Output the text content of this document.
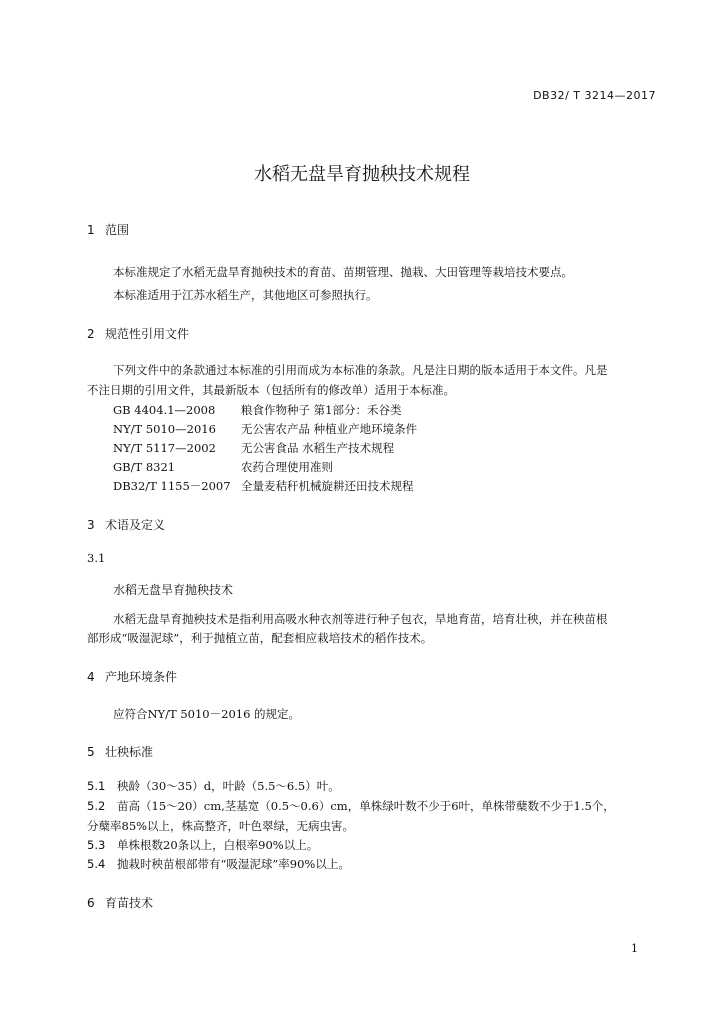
DB32/ T 3214—2017
水稻无盘旱育抛秧技术规程
1 范围
本标准规定了水稻无盘旱育抛秧技术的育苗、苗期管理、抛栽、大田管理等栽培技术要点。
本标准适用于江苏水稻生产，其他地区可参照执行。
2 规范性引用文件
下列文件中的条款通过本标准的引用而成为本标准的条款。凡是注日期的版本适用于本文件。凡是
不注日期的引用文件，其最新版本（包括所有的修改单）适用于本标准。
GB 4404.1—2008 粮食作物种子 第1部分：禾谷类
NY/T 5010—2016 无公害农产品 种植业产地环境条件
NY/T 5117—2002 无公害食品 水稻生产技术规程
GB/T 8321	农药合理使用准则
DB32/T 1155－2007 全量麦秸秆机械旋耕还田技术规程
3 术语及定义
3.1
水稻无盘旱育抛秧技术
水稻无盘旱育抛秧技术是指利用高吸水种衣剂等进行种子包衣，旱地育苗，培育壮秧，并在秧苗根
部形成“吸湿泥球”，利于抛植立苗，配套相应栽培技术的稻作技术。
4 产地环境条件
应符合NY/T 5010－2016 的规定。
5 壮秧标准
5.1 秧龄（30～35）d，叶龄（5.5～6.5）叶。
5.2 苗高（15～20）cm,茎基宽（0.5～0.6）cm，单株绿叶数不少于6叶，单株带蘖数不少于1.5个，
分蘖率85%以上，株高整齐，叶色翠绿，无病虫害。
5.3 单株根数20条以上，白根率90%以上。
5.4 抛栽时秧苗根部带有“吸湿泥球”率90%以上。
6 育苗技术
1
